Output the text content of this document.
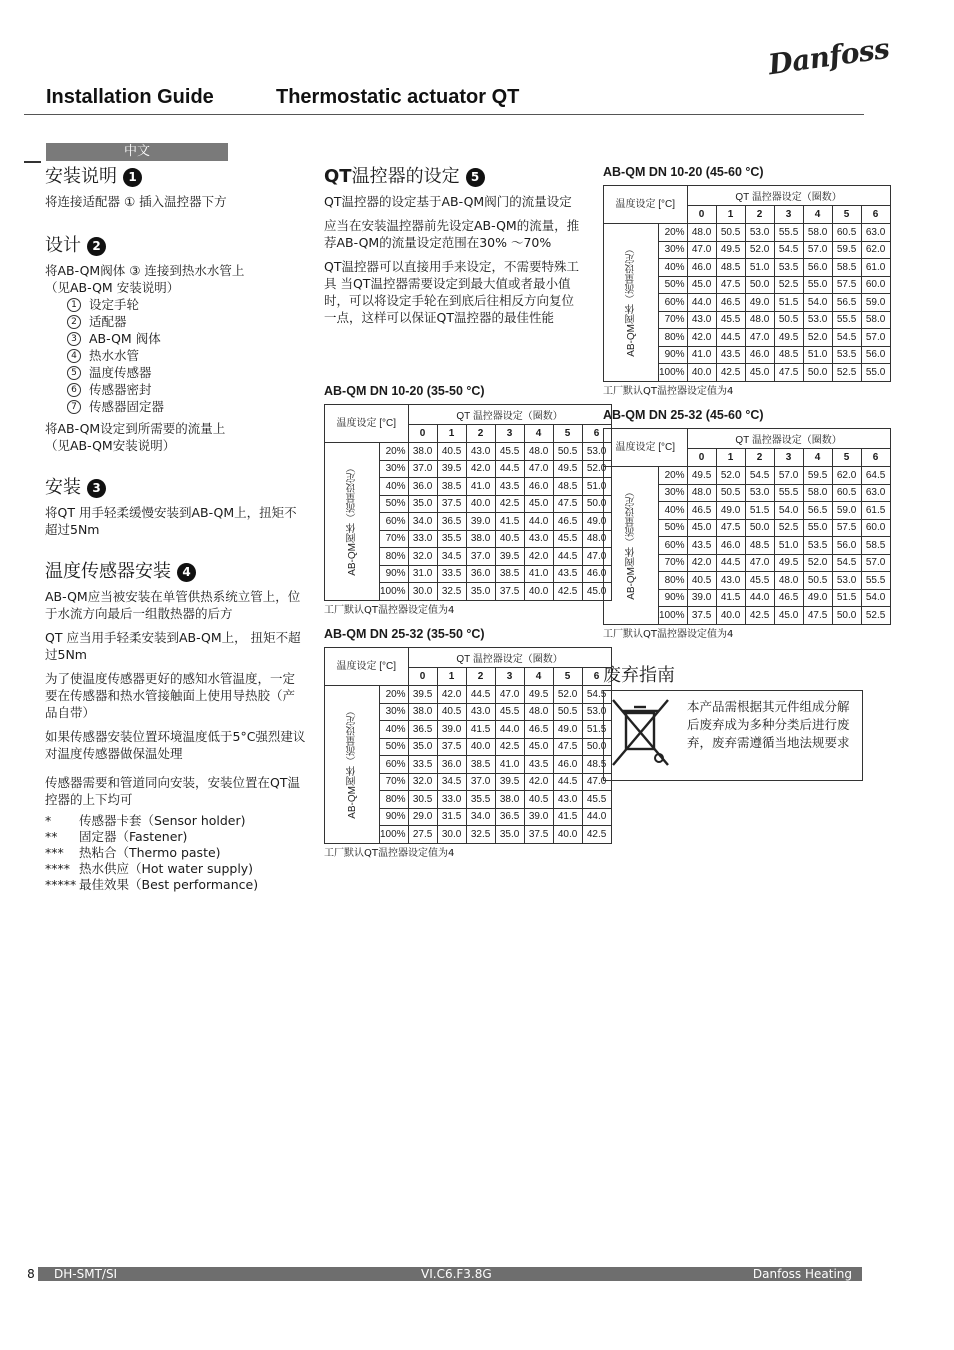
Danfoss
Installation Guide	Thermostatic actuator QT
中文
安装说明 1

将连接适配器 ① 插入温控器下方

设计 2

将AB-QM阀体 ③ 连接到热水水管上

（见AB-QM 安装说明）

1 设定手轮
2 适配器
3 AB-QM 阀体
4 热水水管
5 温度传感器
6 传感器密封
7 传感器固定器

将AB-QM设定到所需要的流量上

（见AB-QM安装说明）

安装 3

将QT 用手轻柔缓慢安装到AB-QM上，扭矩不超过5Nm

温度传感器安装 4

AB-QM应当被安装在单管供热系统立管上，位于水流方向最后一组散热器的后方

QT 应当用手轻柔安装到AB-QM上， 扭矩不超过5Nm

为了使温度传感器更好的感知水管温度，一定要在传感器和热水管接触面上使用导热胶（产品自带）

如果传感器安装位置环境温度低于5°C强烈建议对温度传感器做保温处理

传感器需要和管道同向安装，安装位置在QT温控器的上下均可

*	传感器卡套（Sensor holder)
**	固定器（Fastener)
***	热粘合（Thermo paste)
**** 热水供应（Hot water supply)
***** 最佳效果（Best performance)
QT温控器的设定 5

QT温控器的设定基于AB-QM阀门的流量设定

应当在安装温控器前先设定AB-QM的流量，推荐AB-QM的流量设定范围在30% ～70%

QT温控器可以直接用手来设定，不需要特殊工具 当QT温控器需要设定到最大值或者最小值时，可以将设定手轮在到底后往相反方向复位一点，这样可以保证QT温控器的最佳性能

AB-QM DN 10-20 (35-50 °C)
温度设定 [°C]		QT 温控器设定（圈数）						
		0	1	2	3	4	5	6
AB-QM阀体（流量设定）	20%	38.0	40.5	43.0	45.5	48.0	50.5	53.0
	30%	37.0	39.5	42.0	44.5	47.0	49.5	52.0
	40%	36.0	38.5	41.0	43.5	46.0	48.5	51.0
	50%	35.0	37.5	40.0	42.5	45.0	47.5	50.0
	60%	34.0	36.5	39.0	41.5	44.0	46.5	49.0
	70%	33.0	35.5	38.0	40.5	43.0	45.5	48.0
	80%	32.0	34.5	37.0	39.5	42.0	44.5	47.0
	90%	31.0	33.5	36.0	38.5	41.0	43.5	46.0
	100%	30.0	32.5	35.0	37.5	40.0	42.5	45.0
工厂默认QT温控器设定值为4
AB-QM DN 25-32 (35-50 °C)
温度设定 [°C]		QT 温控器设定（圈数）						
		0	1	2	3	4	5	6
AB-QM阀体（流量设定）	20%	39.5	42.0	44.5	47.0	49.5	52.0	54.5
	30%	38.0	40.5	43.0	45.5	48.0	50.5	53.0
	40%	36.5	39.0	41.5	44.0	46.5	49.0	51.5
	50%	35.0	37.5	40.0	42.5	45.0	47.5	50.0
	60%	33.5	36.0	38.5	41.0	43.5	46.0	48.5
	70%	32.0	34.5	37.0	39.5	42.0	44.5	47.0
	80%	30.5	33.0	35.5	38.0	40.5	43.0	45.5
	90%	29.0	31.5	34.0	36.5	39.0	41.5	44.0
	100%	27.5	30.0	32.5	35.0	37.5	40.0	42.5
工厂默认QT温控器设定值为4
AB-QM DN 10-20 (45-60 °C)
温度设定 [°C]		QT 温控器设定（圈数）						
		0	1	2	3	4	5	6
AB-QM阀体（流量设定）	20%	48.0	50.5	53.0	55.5	58.0	60.5	63.0
	30%	47.0	49.5	52.0	54.5	57.0	59.5	62.0
	40%	46.0	48.5	51.0	53.5	56.0	58.5	61.0
	50%	45.0	47.5	50.0	52.5	55.0	57.5	60.0
	60%	44.0	46.5	49.0	51.5	54.0	56.5	59.0
	70%	43.0	45.5	48.0	50.5	53.0	55.5	58.0
	80%	42.0	44.5	47.0	49.5	52.0	54.5	57.0
	90%	41.0	43.5	46.0	48.5	51.0	53.5	56.0
	100%	40.0	42.5	45.0	47.5	50.0	52.5	55.0
工厂默认QT温控器设定值为4
AB-QM DN 25-32 (45-60 °C)
温度设定 [°C]		QT 温控器设定（圈数）						
		0	1	2	3	4	5	6
AB-QM阀体（流量设定）	20%	49.5	52.0	54.5	57.0	59.5	62.0	64.5
	30%	48.0	50.5	53.0	55.5	58.0	60.5	63.0
	40%	46.5	49.0	51.5	54.0	56.5	59.0	61.5
	50%	45.0	47.5	50.0	52.5	55.0	57.5	60.0
	60%	43.5	46.0	48.5	51.0	53.5	56.0	58.5
	70%	42.0	44.5	47.0	49.5	52.0	54.5	57.0
	80%	40.5	43.0	45.5	48.0	50.5	53.0	55.5
	90%	39.0	41.5	44.0	46.5	49.0	51.5	54.0
	100%	37.5	40.0	42.5	45.0	47.5	50.0	52.5
工厂默认QT温控器设定值为4
废弃指南
本产品需根据其元件组成分解后废弃成为多种分类后进行废弃，废弃需遵循当地法规要求
DH-SMT/SI	VI.C6.F3.8G	Danfoss Heating
8
